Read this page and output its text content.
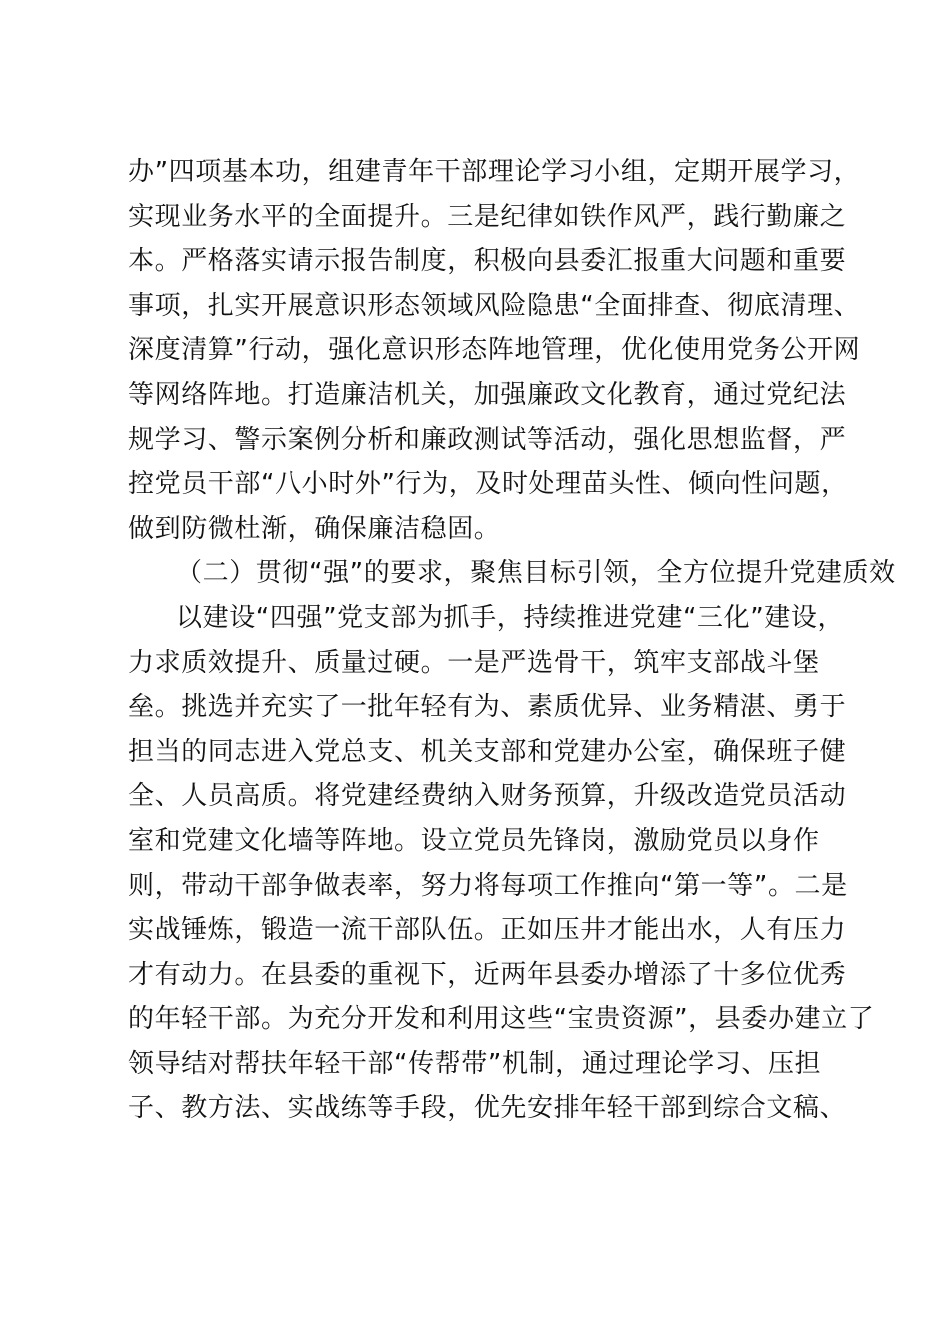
办”四项基本功，组建青年干部理论学习小组，定期开展学习，
实现业务水平的全面提升。三是纪律如铁作风严，践行勤廉之
本。严格落实请示报告制度，积极向县委汇报重大问题和重要
事项，扎实开展意识形态领域风险隐患“全面排查、彻底清理、
深度清算”行动，强化意识形态阵地管理，优化使用党务公开网
等网络阵地。打造廉洁机关，加强廉政文化教育，通过党纪法
规学习、警示案例分析和廉政测试等活动，强化思想监督，严
控党员干部“八小时外”行为，及时处理苗头性、倾向性问题，
做到防微杜渐，确保廉洁稳固。
（二）贯彻“强”的要求，聚焦目标引领，全方位提升党建质效
以建设“四强”党支部为抓手，持续推进党建“三化”建设，
力求质效提升、质量过硬。一是严选骨干，筑牢支部战斗堡
垒。挑选并充实了一批年轻有为、素质优异、业务精湛、勇于
担当的同志进入党总支、机关支部和党建办公室，确保班子健
全、人员高质。将党建经费纳入财务预算，升级改造党员活动
室和党建文化墙等阵地。设立党员先锋岗，激励党员以身作
则，带动干部争做表率，努力将每项工作推向“第一等”。二是
实战锤炼，锻造一流干部队伍。正如压井才能出水，人有压力
才有动力。在县委的重视下，近两年县委办增添了十多位优秀
的年轻干部。为充分开发和利用这些“宝贵资源”，县委办建立了
领导结对帮扶年轻干部“传帮带”机制，通过理论学习、压担
子、教方法、实战练等手段，优先安排年轻干部到综合文稿、
